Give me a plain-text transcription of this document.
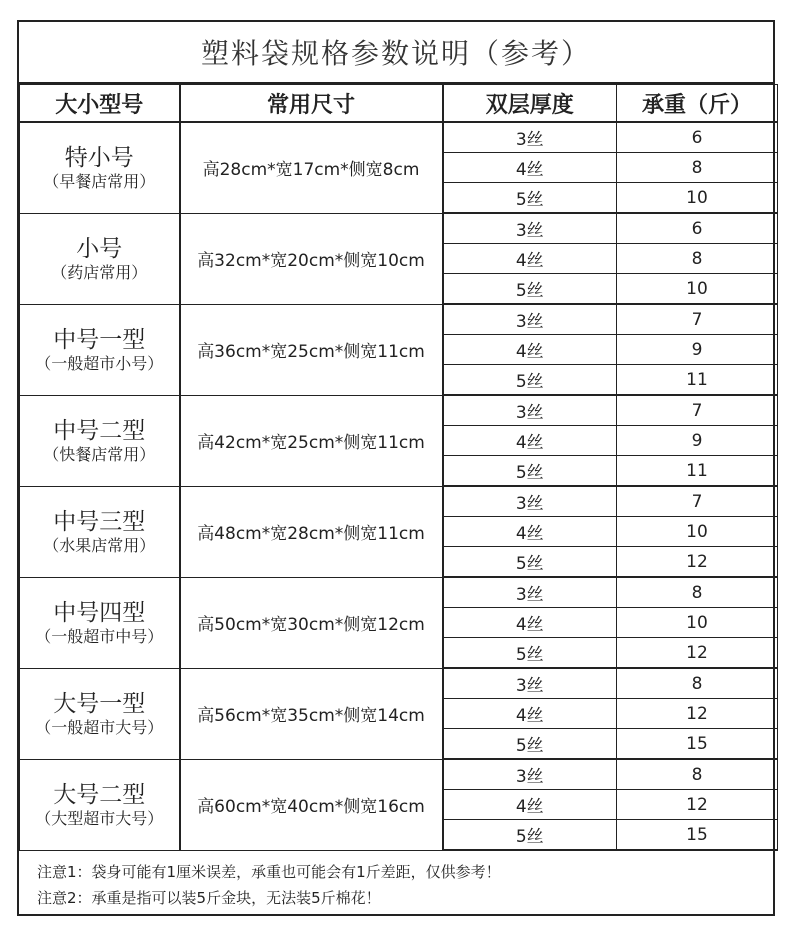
塑料袋规格参数说明（参考）
大小型号	常用尺寸	双层厚度	承重（斤）

特小号
（早餐店常用）	高28cm*宽17cm*侧宽8cm	3丝	6
		4丝	8
		5丝	10

小号
（药店常用）	高32cm*宽20cm*侧宽10cm	3丝	6
		4丝	8
		5丝	10

中号一型
（一般超市小号）	高36cm*宽25cm*侧宽11cm	3丝	7
		4丝	9
		5丝	11

中号二型
（快餐店常用）	高42cm*宽25cm*侧宽11cm	3丝	7
		4丝	9
		5丝	11

中号三型
（水果店常用）	高48cm*宽28cm*侧宽11cm	3丝	7
		4丝	10
		5丝	12

中号四型
（一般超市中号）	高50cm*宽30cm*侧宽12cm	3丝	8
		4丝	10
		5丝	12

大号一型
（一般超市大号）	高56cm*宽35cm*侧宽14cm	3丝	8
		4丝	12
		5丝	15

大号二型
（大型超市大号）	高60cm*宽40cm*侧宽16cm	3丝	8
		4丝	12
		5丝	15
注意1：袋身可能有1厘米误差，承重也可能会有1斤差距，仅供参考！
注意2：承重是指可以装5斤金块，无法装5斤棉花！
